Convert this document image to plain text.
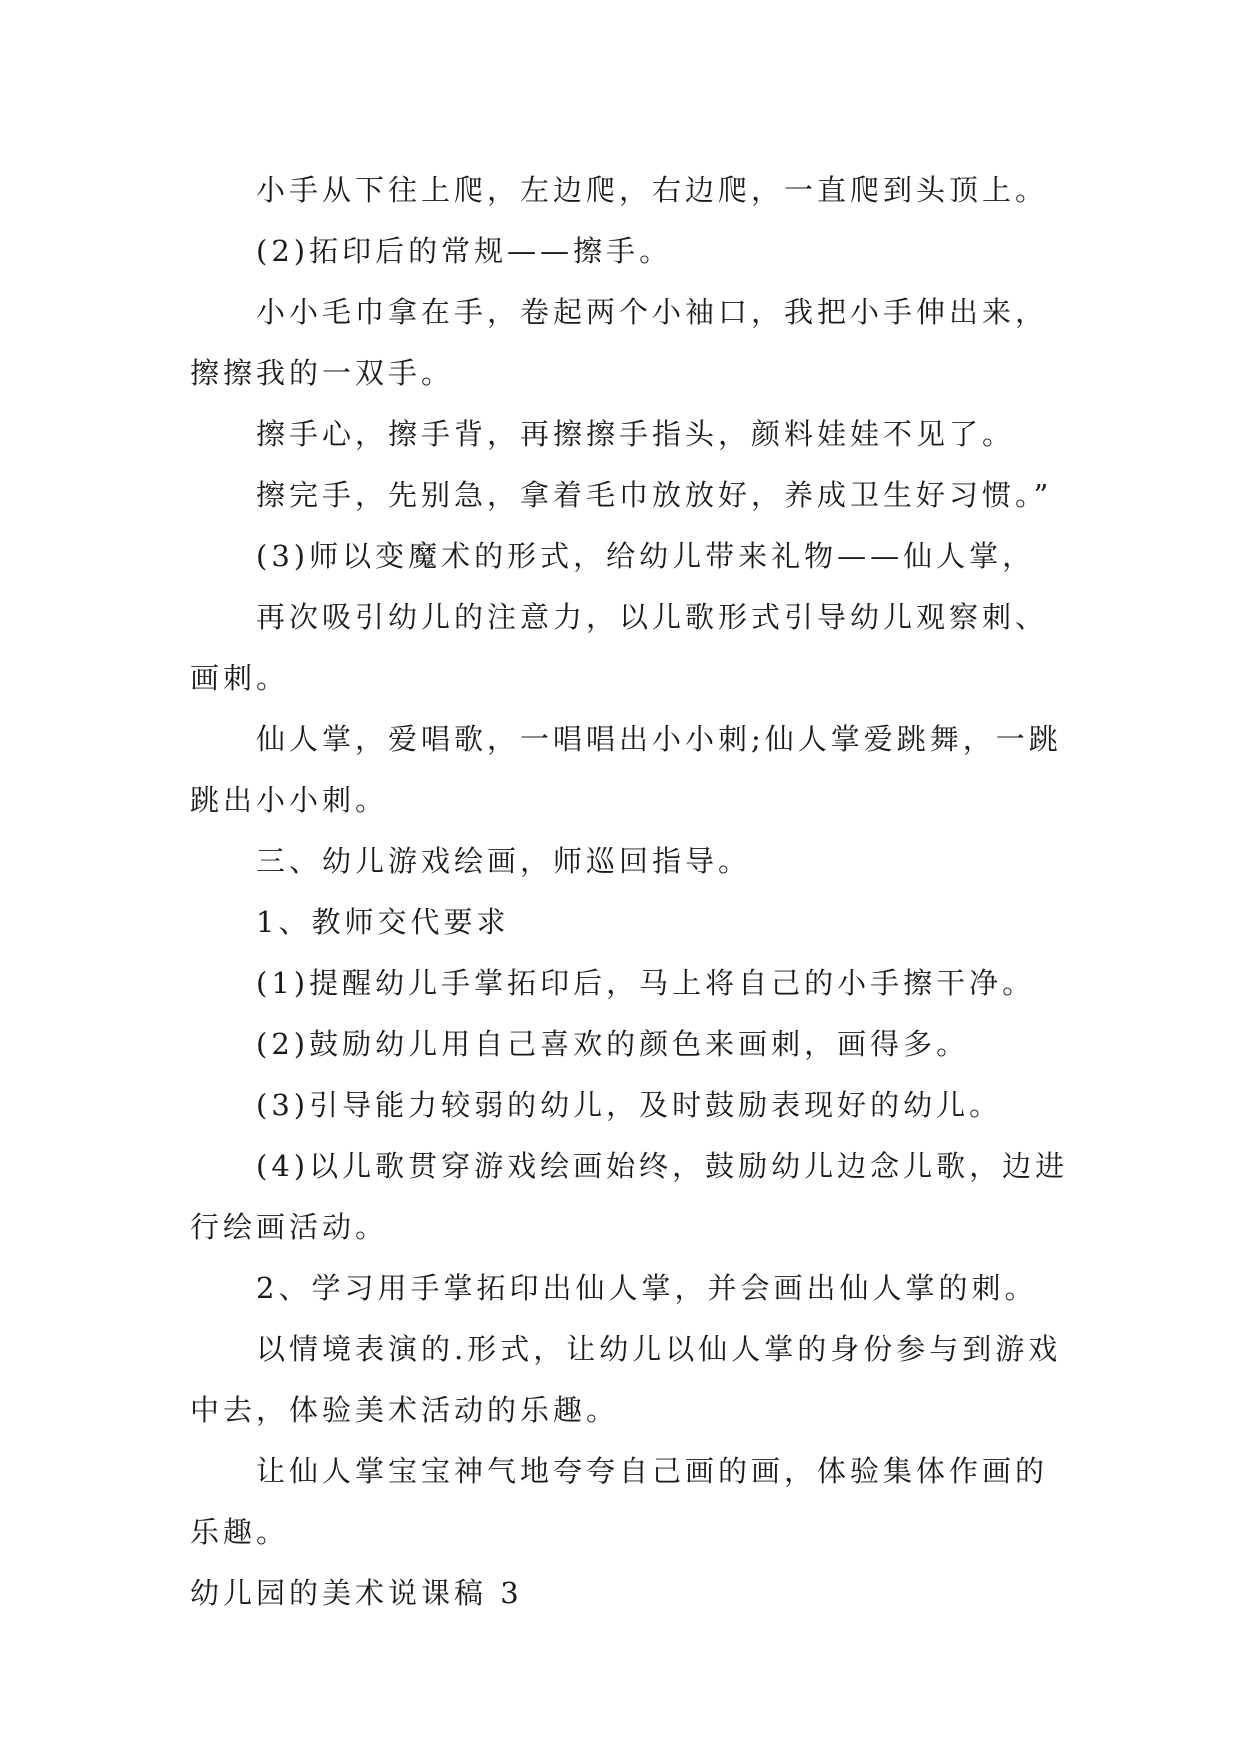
小手从下往上爬，左边爬，右边爬，一直爬到头顶上。

(2)拓印后的常规——擦手。

小小毛巾拿在手，卷起两个小袖口，我把小手伸出来，擦擦我的一双手。

擦手心，擦手背，再擦擦手指头，颜料娃娃不见了。

擦完手，先别急，拿着毛巾放放好，养成卫生好习惯。”

(3)师以变魔术的形式，给幼儿带来礼物——仙人掌，

再次吸引幼儿的注意力，以儿歌形式引导幼儿观察刺、画刺。

仙人掌，爱唱歌，一唱唱出小小刺;仙人掌爱跳舞，一跳跳出小小刺。

三、幼儿游戏绘画，师巡回指导。

1、教师交代要求

(1)提醒幼儿手掌拓印后，马上将自己的小手擦干净。

(2)鼓励幼儿用自己喜欢的颜色来画刺，画得多。

(3)引导能力较弱的幼儿，及时鼓励表现好的幼儿。

(4)以儿歌贯穿游戏绘画始终，鼓励幼儿边念儿歌，边进行绘画活动。

2、学习用手掌拓印出仙人掌，并会画出仙人掌的刺。

以情境表演的.形式，让幼儿以仙人掌的身份参与到游戏中去，体验美术活动的乐趣。

让仙人掌宝宝神气地夸夸自己画的画，体验集体作画的乐趣。

幼儿园的美术说课稿 3
